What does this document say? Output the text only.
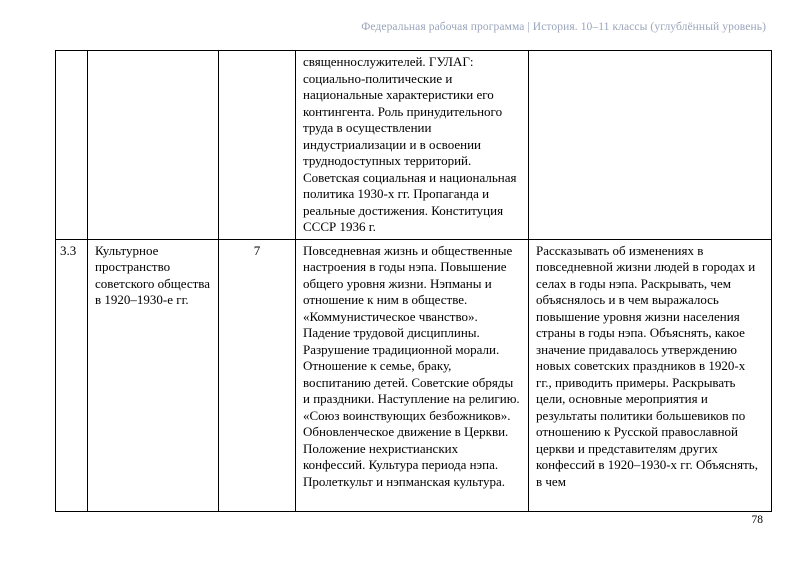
Федеральная рабочая программа | История. 10–11 классы (углублённый уровень)
			священнослужителей. ГУЛАГ: социально-политические и национальные характеристики его контингента. Роль принудительного труда в осуществлении индустриализации и в освоении труднодоступных территорий. Советская социальная и национальная политика 1930-х гг. Пропаганда и реальные достижения. Конституция СССР 1936 г.	
3.3	Культурное пространство советского общества в 1920–1930-е гг.	7	Повседневная жизнь и общественные настроения в годы нэпа. Повышение общего уровня жизни. Нэпманы и отношение к ним в обществе. «Коммунистическое чванство». Падение трудовой дисциплины. Разрушение традиционной морали. Отношение к семье, браку, воспитанию детей. Советские обряды и праздники. Наступление на религию. «Союз воинствующих безбожников». Обновленческое движение в Церкви. Положение нехристианских конфессий. Культура периода нэпа. Пролеткульт и нэпманская культура.	Рассказывать об изменениях в повседневной жизни людей в городах и селах в годы нэпа. Раскрывать, чем объяснялось и в чем выражалось повышение уровня жизни населения страны в годы нэпа. Объяснять, какое значение придавалось утверждению новых советских праздников в 1920-х гг., приводить примеры. Раскрывать цели, основные мероприятия и результаты политики большевиков по отношению к Русской православной церкви и представителям других конфессий в 1920–1930-х гг. Объяснять, в чем
78
